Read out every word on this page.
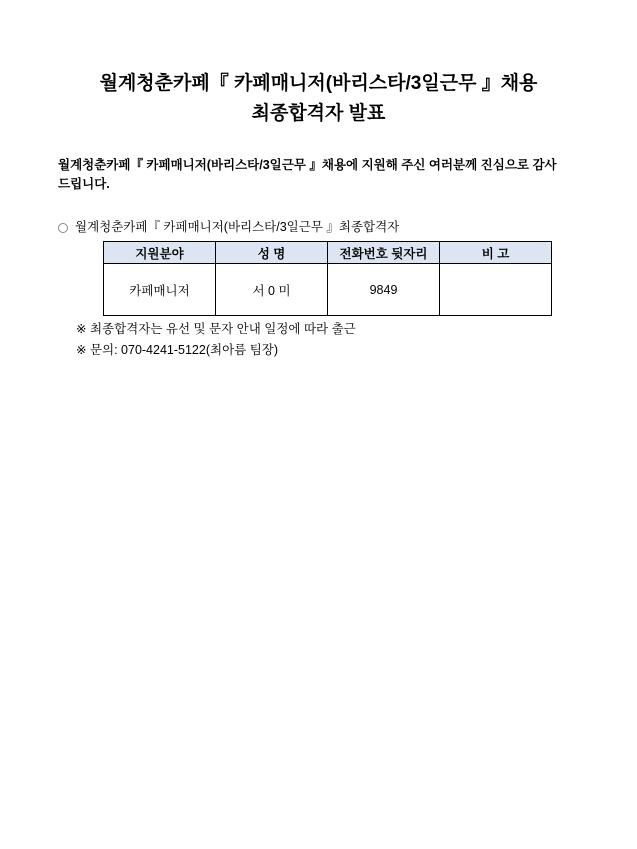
월계청춘카페『 카페매니저(바리스타/3일근무 』채용
최종합격자 발표
월계청춘카페『 카페매니저(바리스타/3일근무 』채용에 지원해 주신 여러분께 진심으로 감사드립니다.
월계청춘카페『 카페매니저(바리스타/3일근무 』최종합격자
지원분야	성 명	전화번호 뒷자리	비 고
카페매니저	서 0 미	9849	
※ 최종합격자는 유선 및 문자 안내 일정에 따라 출근
※ 문의: 070-4241-5122(최아름 팀장)
